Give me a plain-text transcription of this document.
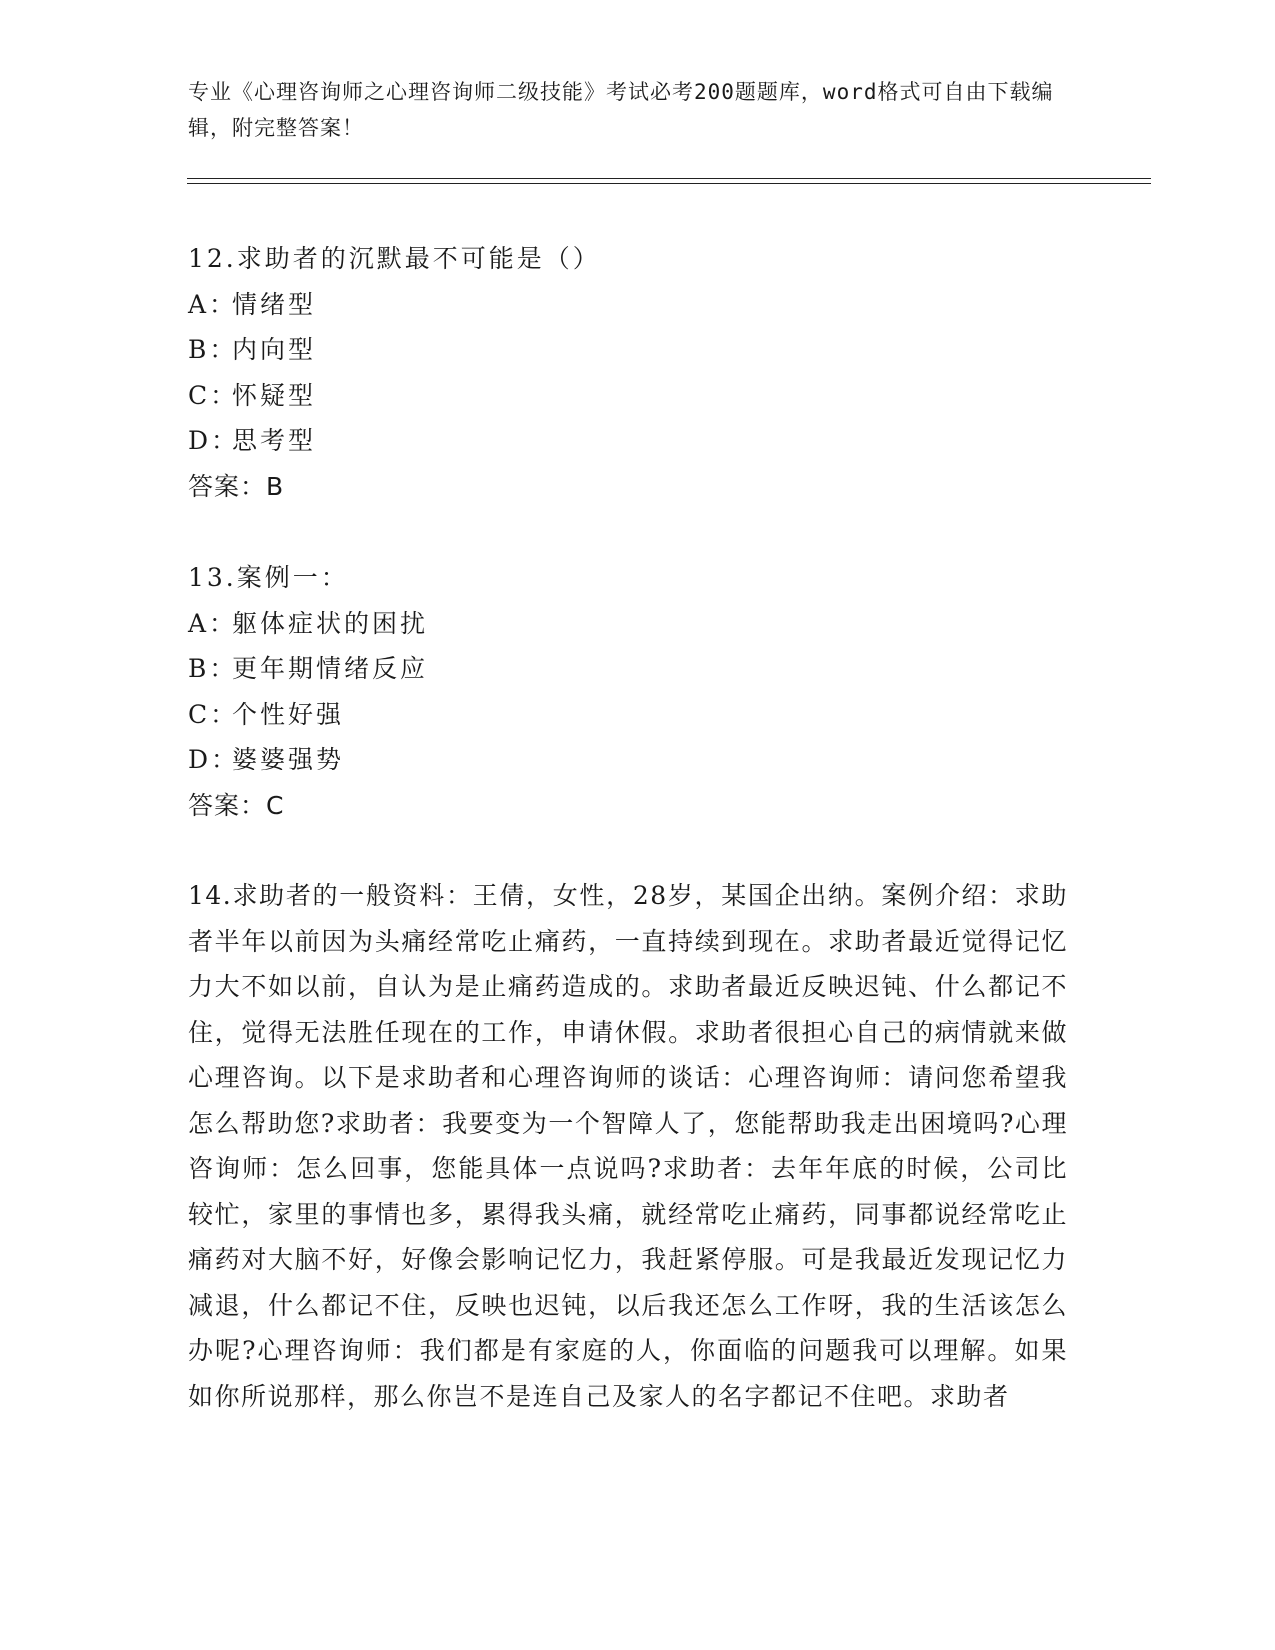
专业《心理咨询师之心理咨询师二级技能》考试必考200题题库，word格式可自由下载编辑，附完整答案！
12.求助者的沉默最不可能是（）
A：情绪型
B：内向型
C：怀疑型
D：思考型
答案：B
13.案例一：
A：躯体症状的困扰
B：更年期情绪反应
C：个性好强
D：婆婆强势
答案：C
14.求助者的一般资料：王倩，女性，28岁，某国企出纳。案例介绍：求助者半年以前因为头痛经常吃止痛药，一直持续到现在。求助者最近觉得记忆力大不如以前，自认为是止痛药造成的。求助者最近反映迟钝、什么都记不住，觉得无法胜任现在的工作，申请休假。求助者很担心自己的病情就来做心理咨询。以下是求助者和心理咨询师的谈话：心理咨询师：请问您希望我怎么帮助您?求助者：我要变为一个智障人了，您能帮助我走出困境吗?心理咨询师：怎么回事，您能具体一点说吗?求助者：去年年底的时候，公司比较忙，家里的事情也多，累得我头痛，就经常吃止痛药，同事都说经常吃止痛药对大脑不好，好像会影响记忆力，我赶紧停服。可是我最近发现记忆力减退，什么都记不住，反映也迟钝，以后我还怎么工作呀，我的生活该怎么办呢?心理咨询师：我们都是有家庭的人，你面临的问题我可以理解。如果如你所说那样，那么你岂不是连自己及家人的名字都记不住吧。求助者
